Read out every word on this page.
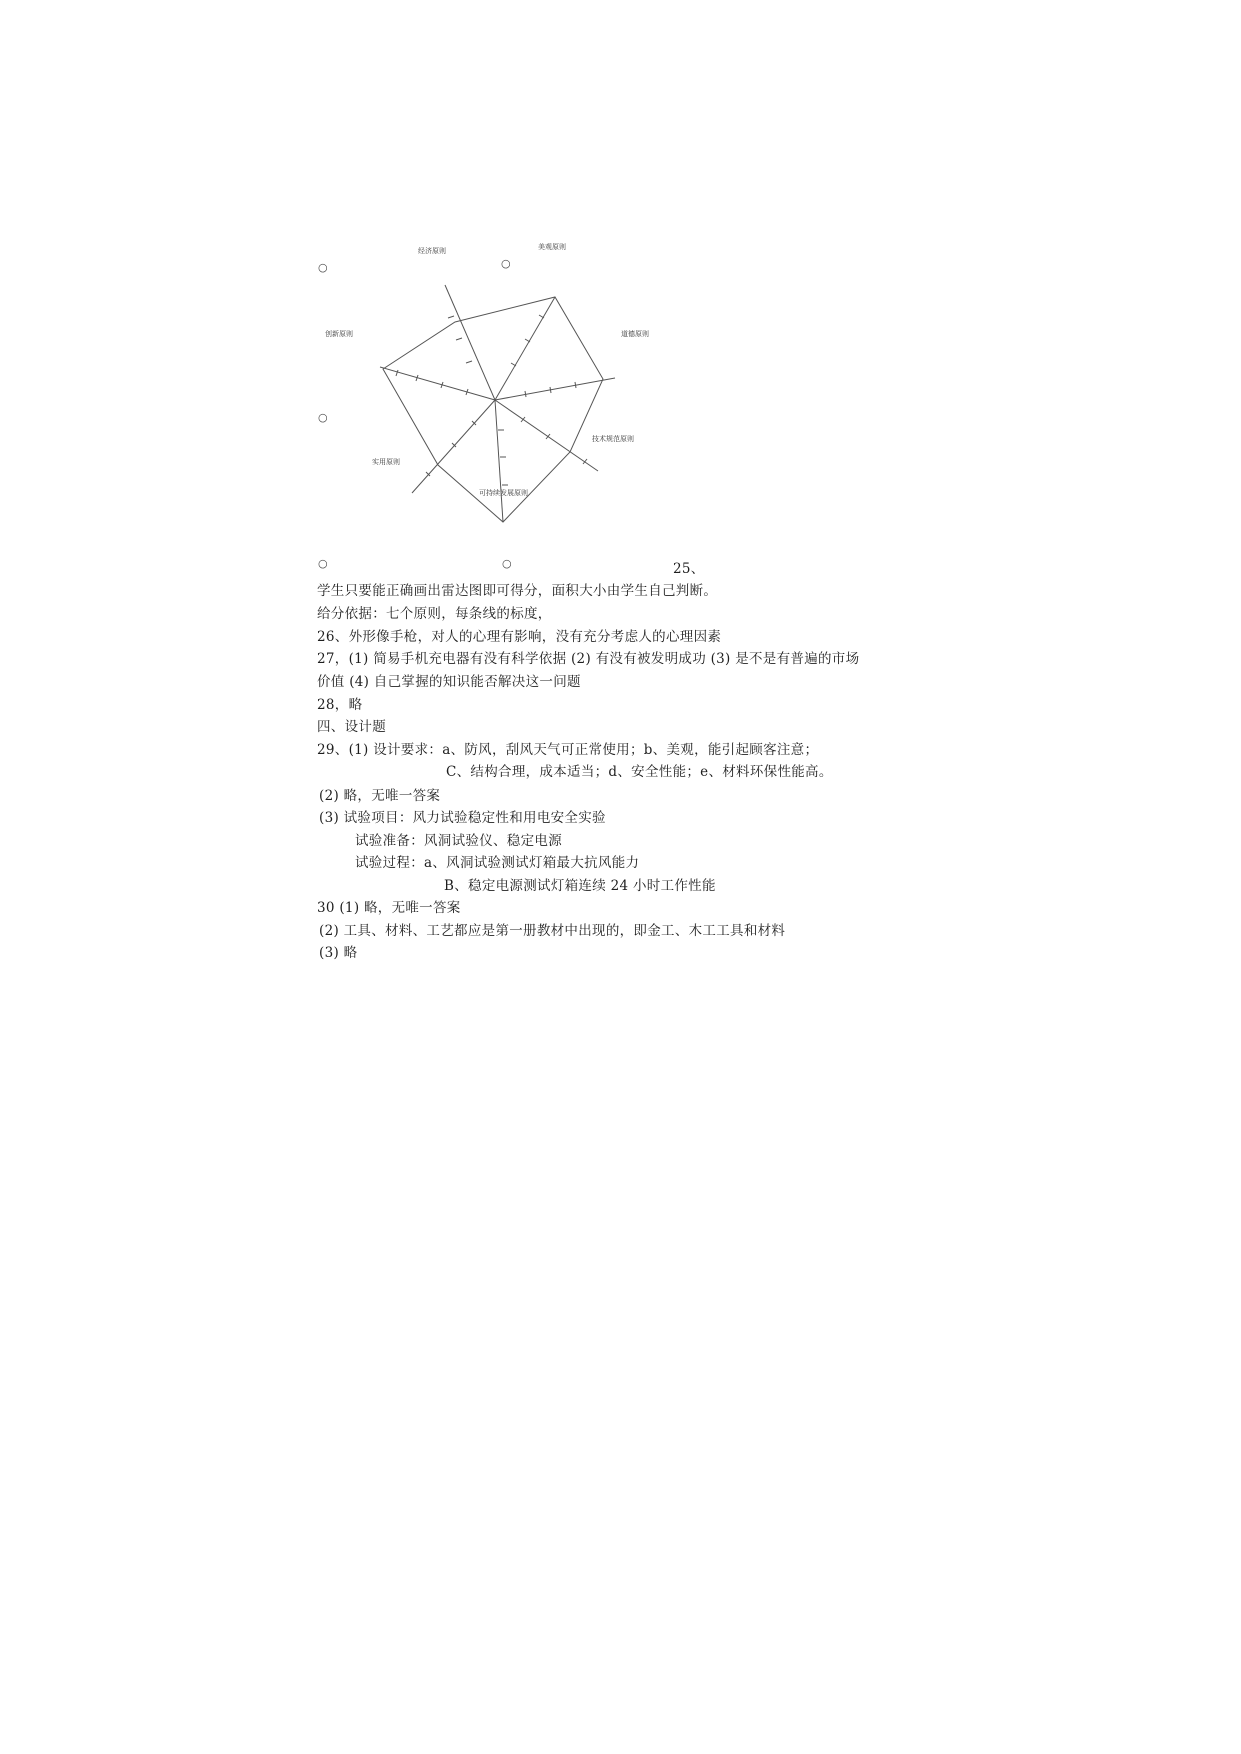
经济原则	美观原则
道德原则
技术规范原则
可持续发展原则
实用原则
创新原则
○	○
○
○	○	25、
学生只要能正确画出雷达图即可得分，面积大小由学生自己判断。
给分依据：七个原则，每条线的标度，
26、外形像手枪，对人的心理有影响，没有充分考虑人的心理因素
27，(1) 简易手机充电器有没有科学依据 (2) 有没有被发明成功 (3) 是不是有普遍的市场
价值 (4) 自己掌握的知识能否解决这一问题
28，略
四、设计题
29、(1) 设计要求：a、防风，刮风天气可正常使用；b、美观，能引起顾客注意；
C、结构合理，成本适当；d、安全性能；e、材料环保性能高。
(2) 略，无唯一答案
(3) 试验项目：风力试验稳定性和用电安全实验
试验准备：风洞试验仪、稳定电源
试验过程：a、风洞试验测试灯箱最大抗风能力
B、稳定电源测试灯箱连续 24 小时工作性能
30 (1) 略，无唯一答案
(2) 工具、材料、工艺都应是第一册教材中出现的，即金工、木工工具和材料
(3) 略
